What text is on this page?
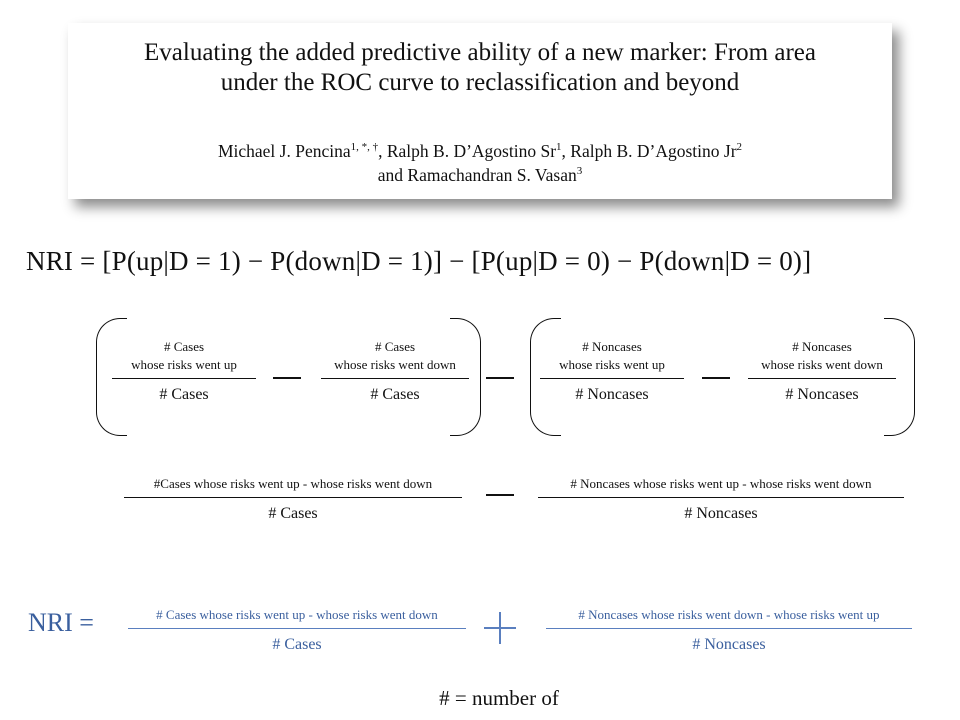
Evaluating the added predictive ability of a new marker: From area
under the ROC curve to reclassification and beyond
Michael J. Pencina$^{1, *, \dagger}$, Ralph B. D’Agostino Sr$^1$, Ralph B. D’Agostino Jr$^2$
and Ramachandran S. Vasan$^3$
NRI = [P(up|D = 1) − P(down|D = 1)] − [P(up|D = 0) − P(down|D = 0)]
# Cases
whose risks went up
# Cases
# Cases
whose risks went down
# Cases
# Noncases
whose risks went up
# Noncases
# Noncases
whose risks went down
# Noncases
#Cases whose risks went up - whose risks went down
# Cases
# Noncases whose risks went up - whose risks went down
# Noncases
NRI =	# Cases whose risks went up - whose risks went down
# Cases
# Noncases whose risks went down - whose risks went up
# Noncases
# = number of
